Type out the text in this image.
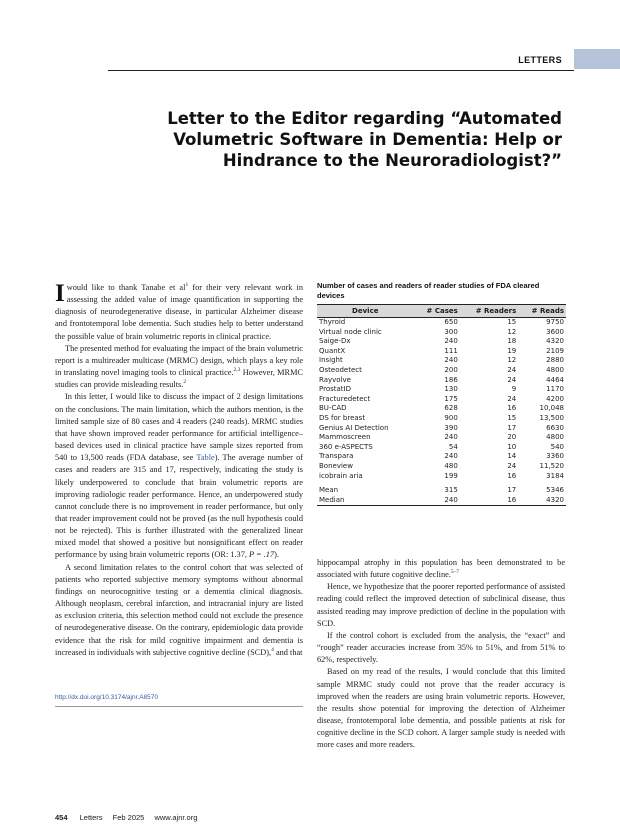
LETTERS
Letter to the Editor regarding “Automated Volumetric Software in Dementia: Help or Hindrance to the Neuroradiologist?”

I would like to thank Tanabe et $al^1$ for their very relevant work in assessing the added value of image quantification in supporting the diagnosis of neurodegenerative disease, in particular Alzheimer disease and frontotemporal lobe dementia. Such studies help to better understand the possible value of brain volumetric reports in clinical practice.

The presented method for evaluating the impact of the brain volumetric report is a multireader multicase (MRMC) design, which plays a key role in translating novel imaging tools to clinical practice.$^{2,3}$ However, MRMC studies can provide misleading results.$^2$

In this letter, I would like to discuss the impact of 2 design limitations on the conclusions. The main limitation, which the authors mention, is the limited sample size of 80 cases and 4 readers (240 reads). MRMC studies that have shown improved reader performance for artificial intelligence–based devices used in clinical practice have sample sizes reported from 540 to 13,500 reads (FDA database, see Table). The average number of cases and readers are 315 and 17, respectively, indicating the study is likely underpowered to conclude that brain volumetric reports are improving radiologic reader performance. Hence, an underpowered study cannot conclude there is no improvement in reader performance, but only that reader improvement could not be proved (as the null hypothesis could not be rejected). This is further illustrated with the generalized linear mixed model that showed a positive but nonsignificant effect on reader performance by using brain volumetric reports (OR: 1.37, P = .17).

A second limitation relates to the control cohort that was selected of patients who reported subjective memory symptoms without abnormal findings on neurocognitive testing or a dementia clinical diagnosis. Although neoplasm, cerebral infarction, and intracranial injury are listed as exclusion criteria, this selection method could not exclude the presence of neurodegenerative disease. On the contrary, epidemiologic data provide evidence that the risk for mild cognitive impairment and dementia is increased in individuals with subjective cognitive decline (SCD),$^4$ and that

Number of cases and readers of reader studies of FDA cleared devices
Device	# Cases	# Readers	# Reads
Thyroid	650	15	9750
Virtual node clinic	300	12	3600
Saige-Dx	240	18	4320
QuantX	111	19	2109
Insight	240	12	2880
Osteodetect	200	24	4800
Rayvolve	186	24	4464
ProstatID	130	9	1170
Fracturedetect	175	24	4200
BU-CAD	628	16	10,048
DS for breast	900	15	13,500
Genius AI Detection	390	17	6630
Mammoscreen	240	20	4800
360 e-ASPECTS	54	10	540
Transpara	240	14	3360
Boneview	480	24	11,520
icobrain aria	199	16	3184

Mean	315	17	5346
Median	240	16	4320

hippocampal atrophy in this population has been demonstrated to be associated with future cognitive decline.$^{5-7}$

Hence, we hypothesize that the poorer reported performance of assisted reading could reflect the improved detection of subclinical disease, thus assisted reading may improve prediction of decline in the population with SCD.

If the control cohort is excluded from the analysis, the “exact” and “rough” reader accuracies increase from 35% to 51%, and from 51% to 62%, respectively.

Based on my read of the results, I would conclude that this limited sample MRMC study could not prove that the reader accuracy is improved when the readers are using brain volumetric reports. However, the results show potential for improving the detection of Alzheimer disease, frontotemporal lobe dementia, and possible patients at risk for cognitive decline in the SCD cohort. A larger sample study is needed with more cases and more readers.

http://dx.doi.org/10.3174/ajnr.A8570
454 Letters Feb 2025 www.ajnr.org
